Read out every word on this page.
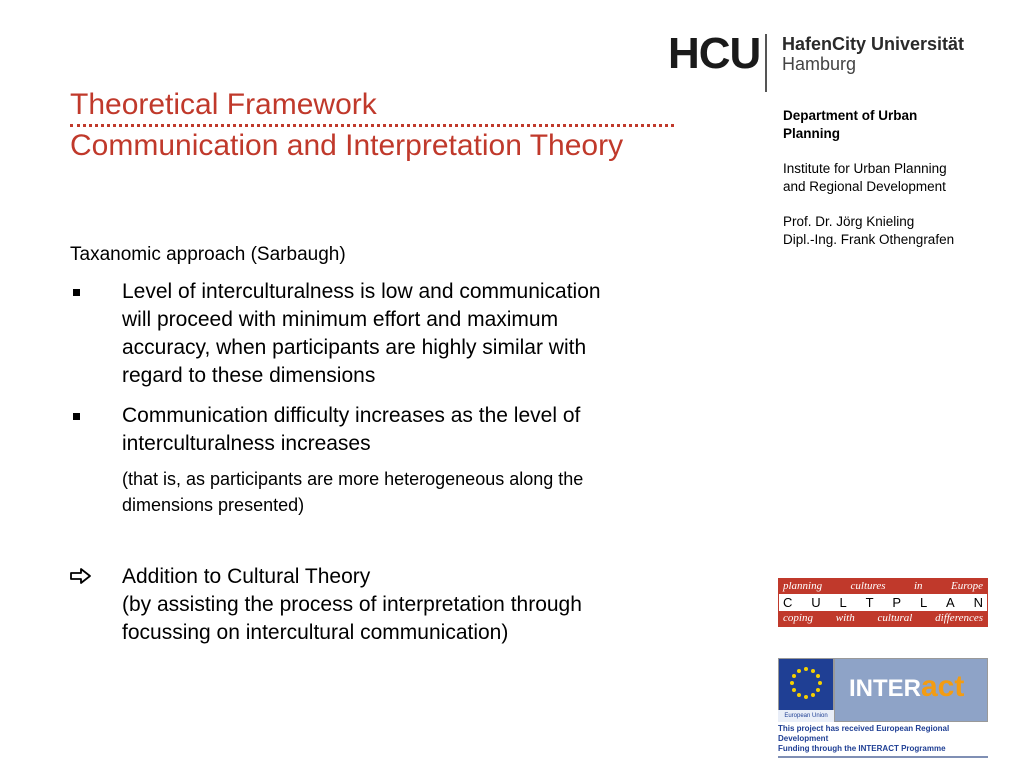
HCU HafenCity Universität
Hamburg
Theoretical Framework
Communication and Interpretation Theory
Department of Urban
Planning
Institute for Urban Planning
and Regional Development
Prof. Dr. Jörg Knieling
Dipl.-Ing. Frank Othengrafen
Taxanomic approach (Sarbaugh)
Level of interculturalness is low and communication
will proceed with minimum effort and maximum
accuracy, when participants are highly similar with
regard to these dimensions
Communication difficulty increases as the level of
interculturalness increases
(that is, as participants are more heterogeneous along the
dimensions presented)
Addition to Cultural Theory
(by assisting the process of interpretation through
focussing on intercultural communication)
planning	cultures	in	Europe
C U L T P L A N
coping with cultural differences
European Union
INTERact
This project has received European Regional Development
Funding through the INTERACT Programme
